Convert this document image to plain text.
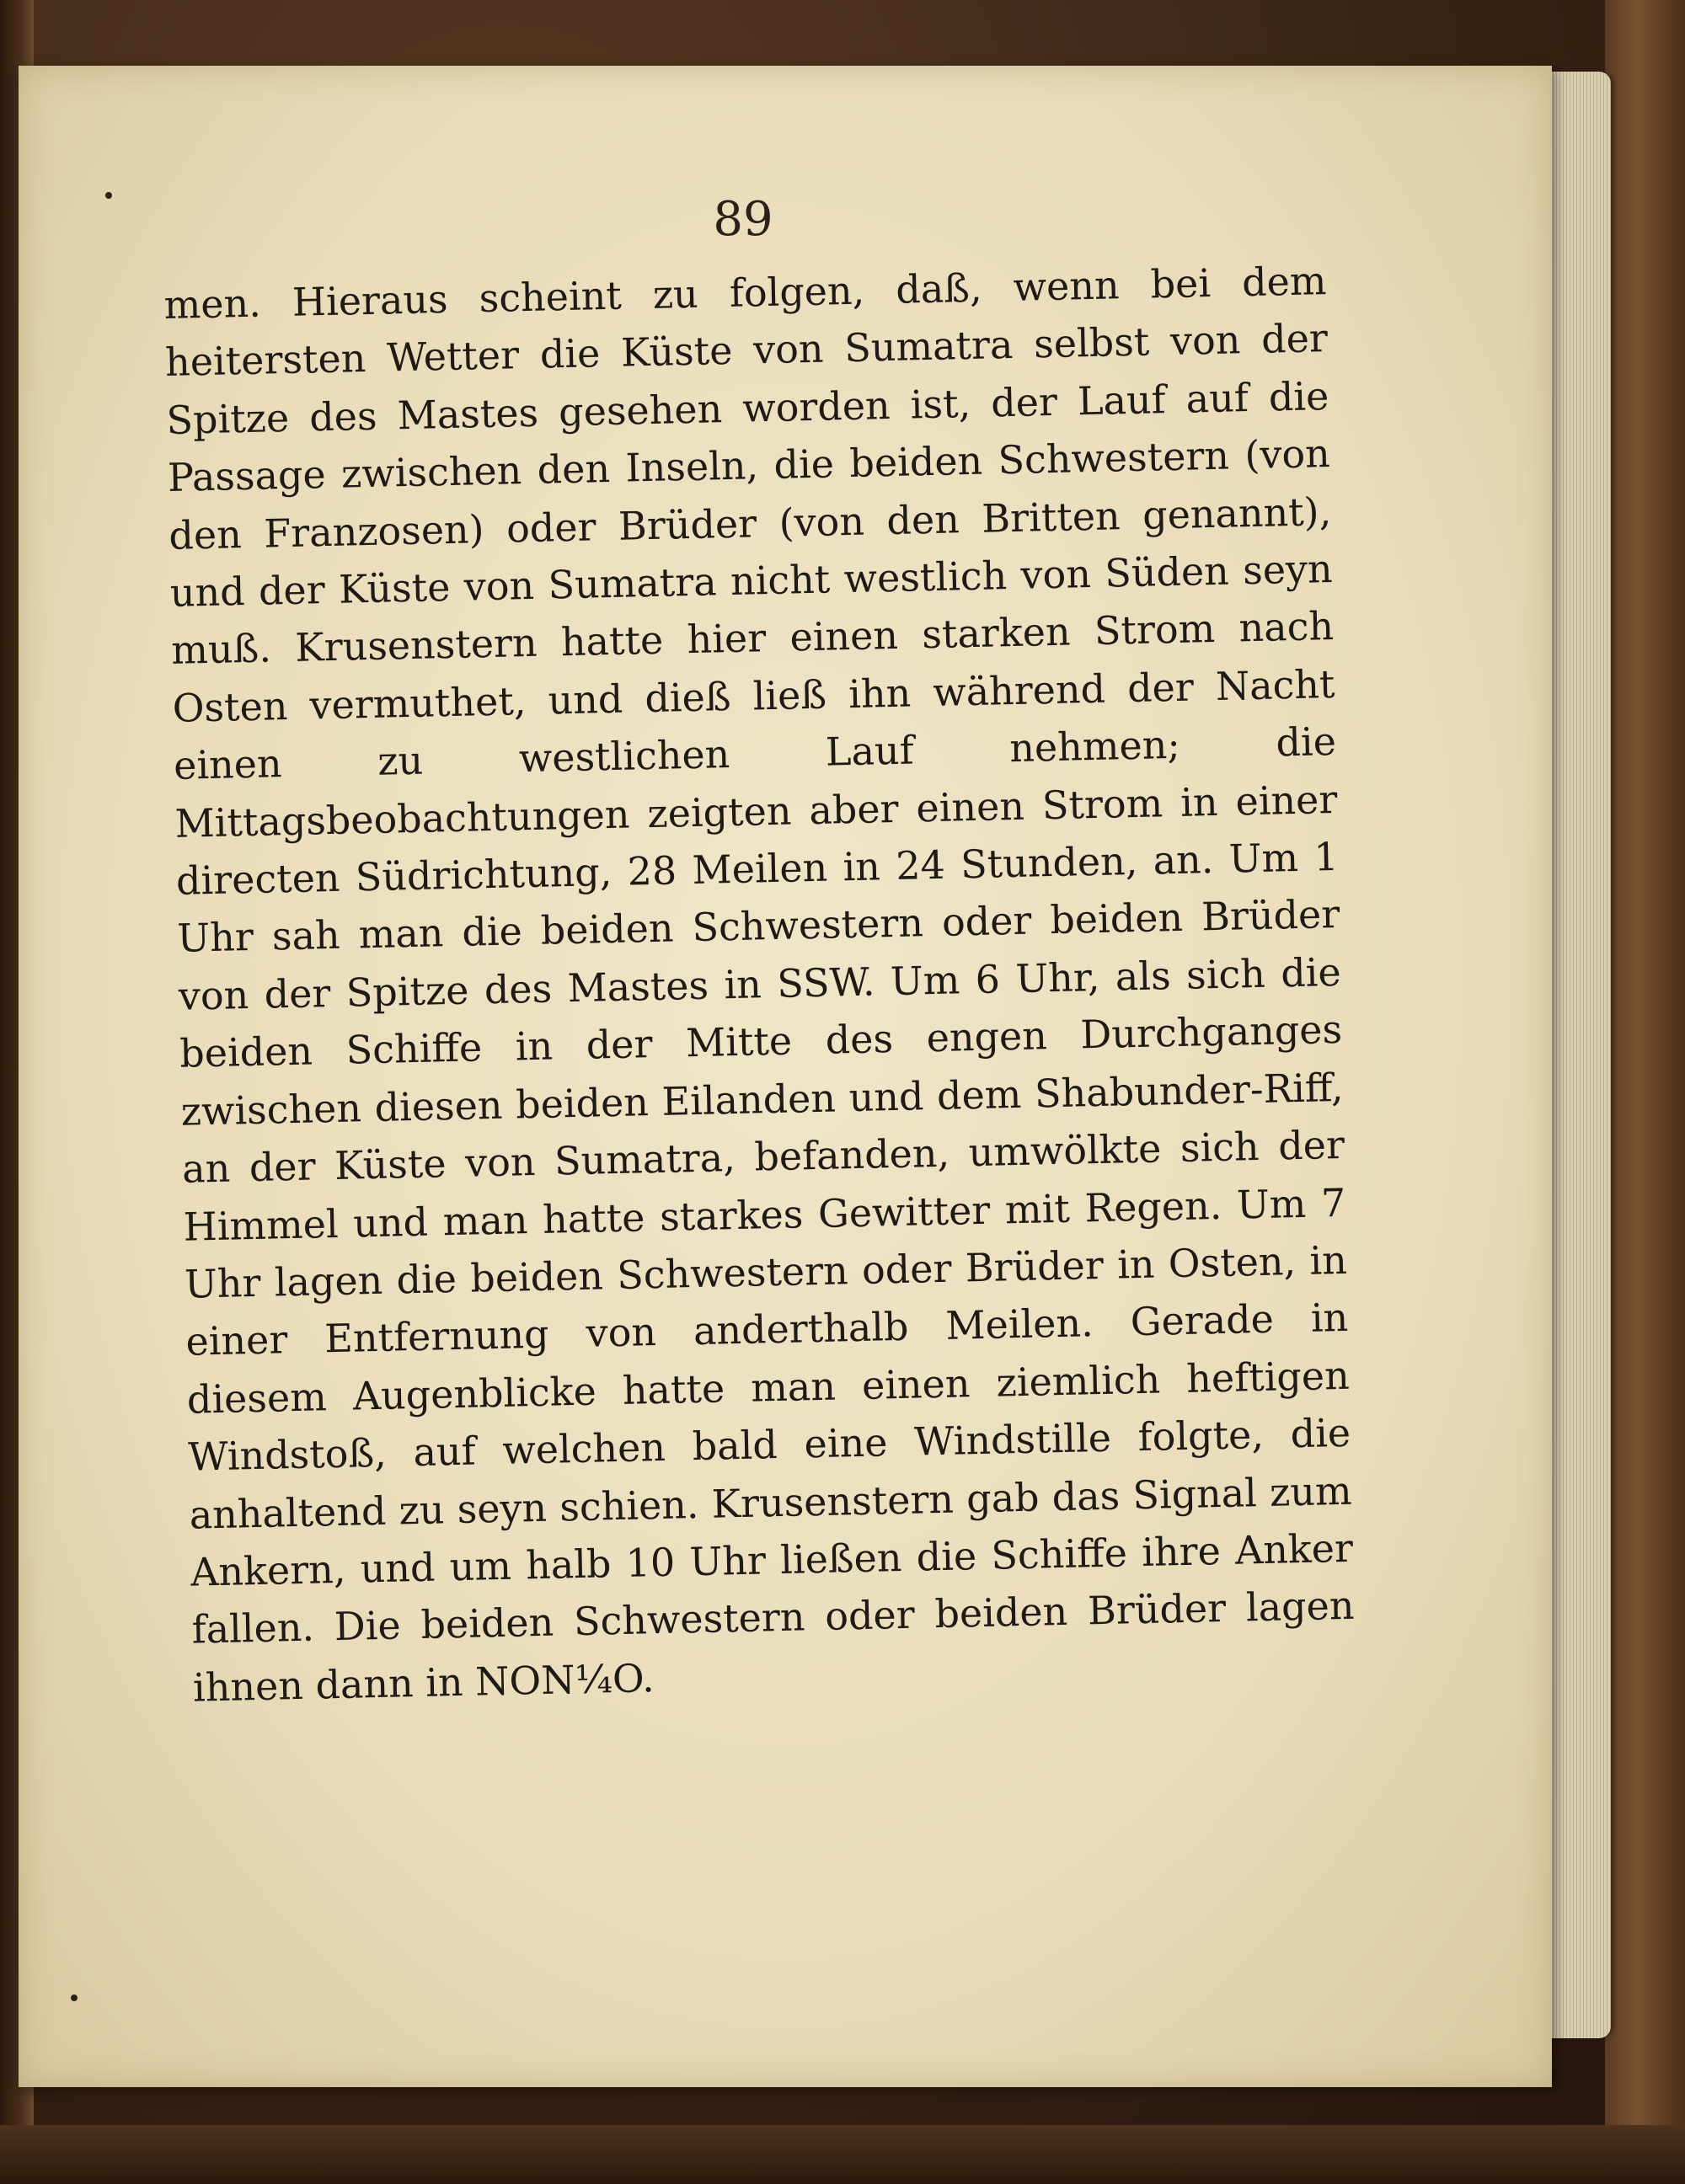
89

men. Hieraus scheint zu folgen, daß, wenn bei dem heitersten Wetter die Küste von Sumatra selbst von der Spitze des Mastes gesehen worden ist, der Lauf auf die Passage zwischen den Inseln, die beiden Schwestern (von den Franzosen) oder Brüder (von den Britten genannt), und der Küste von Sumatra nicht westlich von Süden seyn muß. Krusenstern hatte hier einen starken Strom nach Osten vermuthet, und dieß ließ ihn während der Nacht einen zu westlichen Lauf nehmen; die Mittagsbeobachtungen zeigten aber einen Strom in einer directen Südrichtung, 28 Meilen in 24 Stunden, an. Um 1 Uhr sah man die beiden Schwestern oder beiden Brüder von der Spitze des Mastes in SSW. Um 6 Uhr, als sich die beiden Schiffe in der Mitte des engen Durchganges zwischen diesen beiden Eilanden und dem Shabunder-Riff, an der Küste von Sumatra, befanden, umwölkte sich der Himmel und man hatte starkes Gewitter mit Regen. Um 7 Uhr lagen die beiden Schwestern oder Brüder in Osten, in einer Entfernung von anderthalb Meilen. Gerade in diesem Augenblicke hatte man einen ziemlich heftigen Windstoß, auf welchen bald eine Windstille folgte, die anhaltend zu seyn schien. Krusenstern gab das Signal zum Ankern, und um halb 10 Uhr ließen die Schiffe ihre Anker fallen. Die beiden Schwestern oder beiden Brüder lagen ihnen dann in NON¼O.
